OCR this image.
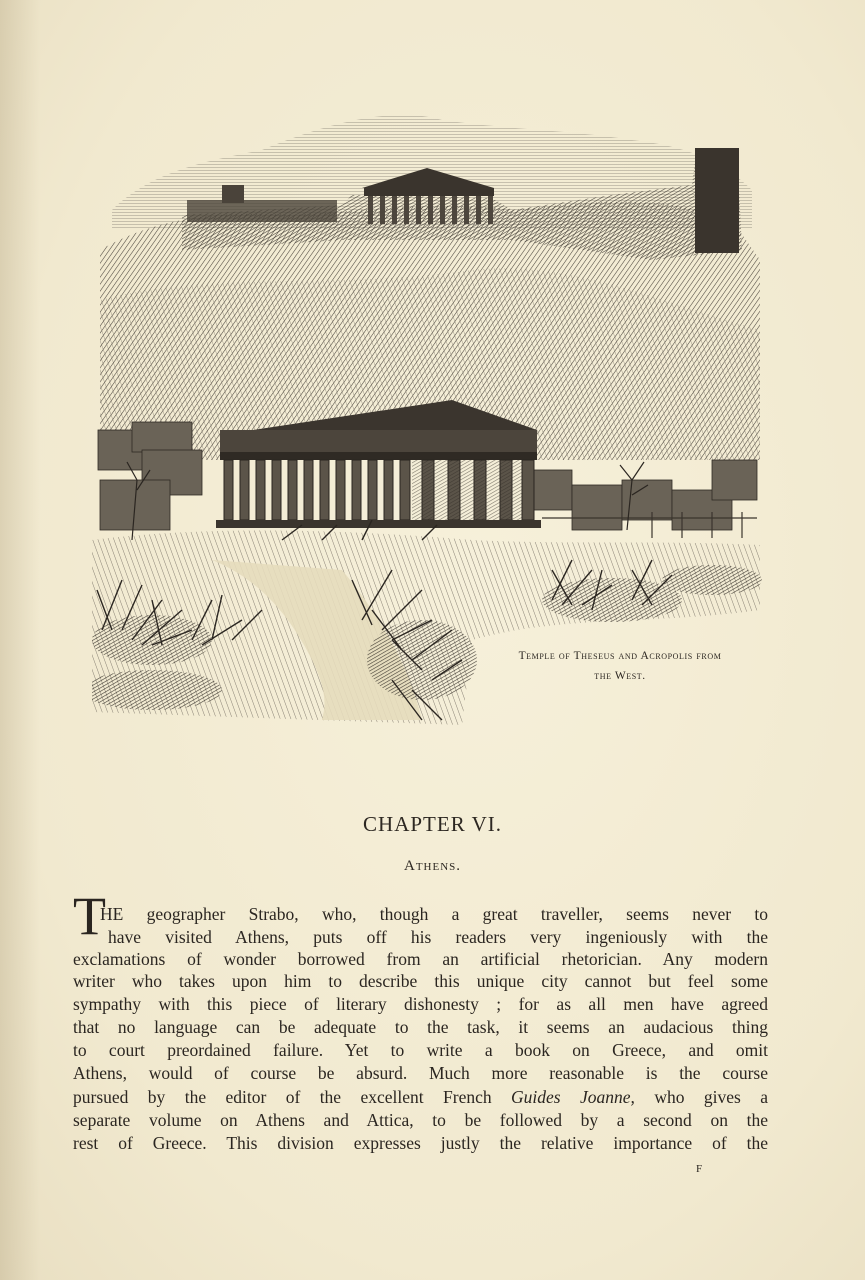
Temple of Theseus and Acropolis from
the West.
CHAPTER VI.
Athens.
T
HE geographer Strabo, who, though a great traveller, seems never to
have visited Athens, puts off his readers very ingeniously with the
exclamations of wonder borrowed from an artificial rhetorician. Any modern
writer who takes upon him to describe this unique city cannot but feel some
sympathy with this piece of literary dishonesty ; for as all men have agreed
that no language can be adequate to the task, it seems an audacious thing
to court preordained failure. Yet to write a book on Greece, and omit
Athens, would of course be absurd. Much more reasonable is the course
pursued by the editor of the excellent French Guides Joanne, who gives a
separate volume on Athens and Attica, to be followed by a second on the
rest of Greece. This division expresses justly the relative importance of the
F
